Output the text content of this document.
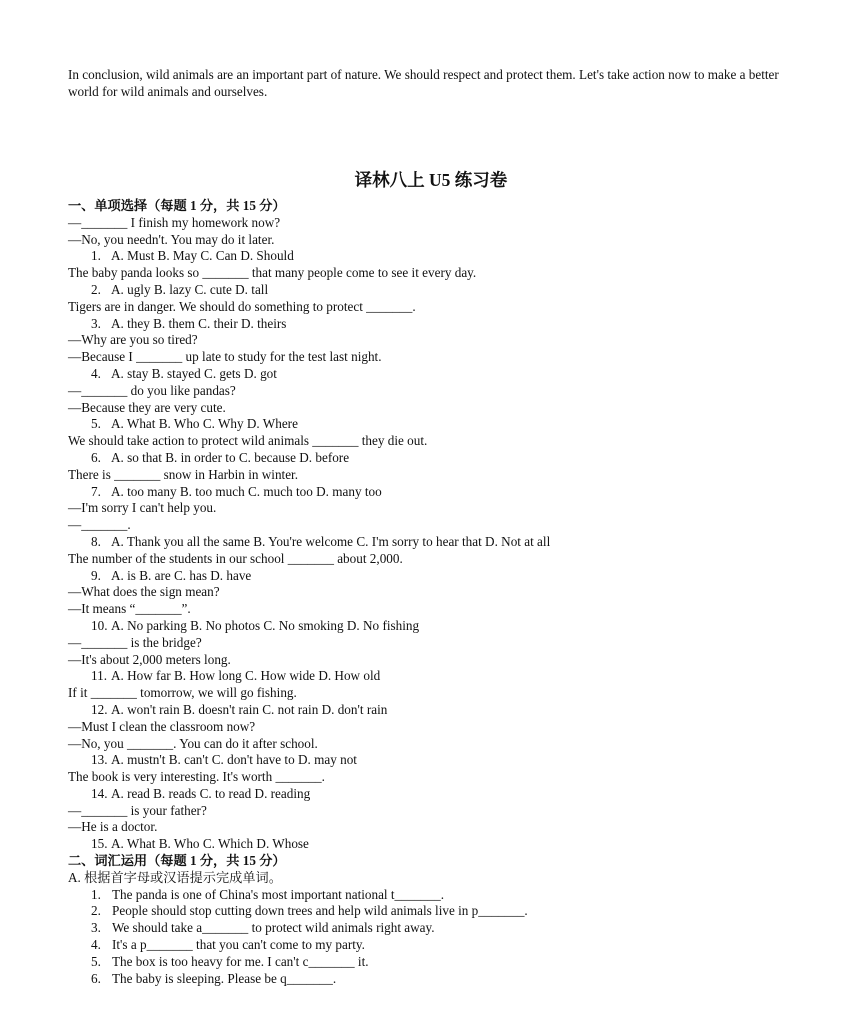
In conclusion, wild animals are an important part of nature. We should respect and protect them. Let's take action now to make a better world for wild animals and ourselves.

译林八上 U5 练习卷
一、单项选择（每题 1 分，共 15 分）
—_______ I finish my homework now?
—No, you needn't. You may do it later.
1. A. Must B. May C. Can D. Should
The baby panda looks so _______ that many people come to see it every day.
2. A. ugly B. lazy C. cute D. tall
Tigers are in danger. We should do something to protect _______.
3. A. they B. them C. their D. theirs
—Why are you so tired?
—Because I _______ up late to study for the test last night.
4. A. stay B. stayed C. gets D. got
—_______ do you like pandas?
—Because they are very cute.
5. A. What B. Who C. Why D. Where
We should take action to protect wild animals _______ they die out.
6. A. so that B. in order to C. because D. before
There is _______ snow in Harbin in winter.
7. A. too many B. too much C. much too D. many too
—I'm sorry I can't help you.
—_______.
8. A. Thank you all the same B. You're welcome C. I'm sorry to hear that D. Not at all
The number of the students in our school _______ about 2,000.
9. A. is B. are C. has D. have
—What does the sign mean?
—It means “_______”.
10. A. No parking B. No photos C. No smoking D. No fishing
—_______ is the bridge?
—It's about 2,000 meters long.
11. A. How far B. How long C. How wide D. How old
If it _______ tomorrow, we will go fishing.
12. A. won't rain B. doesn't rain C. not rain D. don't rain
—Must I clean the classroom now?
—No, you _______. You can do it after school.
13. A. mustn't B. can't C. don't have to D. may not
The book is very interesting. It's worth _______.
14. A. read B. reads C. to read D. reading
—_______ is your father?
—He is a doctor.
15. A. What B. Who C. Which D. Whose
二、词汇运用（每题 1 分，共 15 分）
A. 根据首字母或汉语提示完成单词。
1. The panda is one of China's most important national t_______.
2. People should stop cutting down trees and help wild animals live in p_______.
3. We should take a_______ to protect wild animals right away.
4. It's a p_______ that you can't come to my party.
5. The box is too heavy for me. I can't c_______ it.
6. The baby is sleeping. Please be q_______.
